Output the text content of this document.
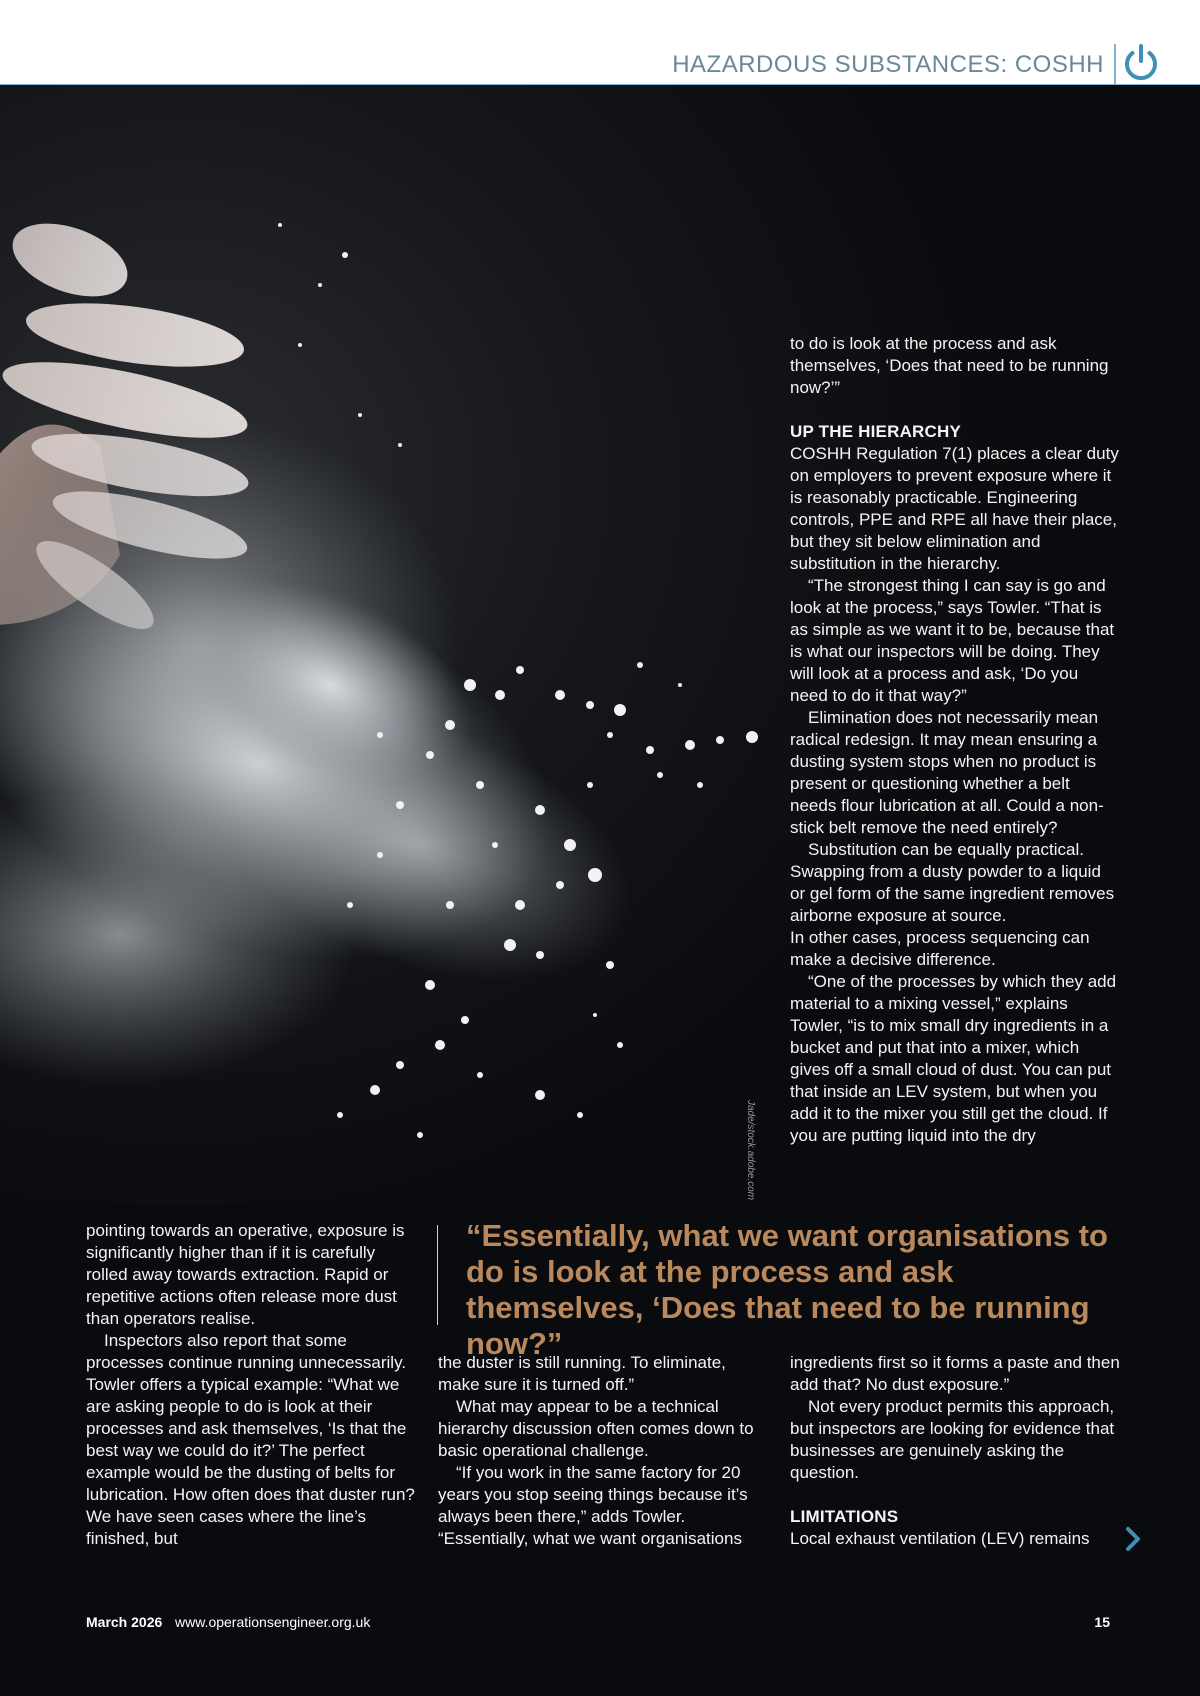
HAZARDOUS SUBSTANCES: COSHH
Jade/stock.adobe.com

to do is look at the process and ask themselves, ‘Does that need to be running now?’”

UP THE HIERARCHY

COSHH Regulation 7(1) places a clear duty on employers to prevent exposure where it is reasonably practicable. Engineering controls, PPE and RPE all have their place, but they sit below elimination and substitution in the hierarchy.

“The strongest thing I can say is go and look at the process,” says Towler. “That is as simple as we want it to be, because that is what our inspectors will be doing. They will look at a process and ask, ‘Do you need to do it that way?”

Elimination does not necessarily mean radical redesign. It may mean ensuring a dusting system stops when no product is present or questioning whether a belt needs flour lubrication at all. Could a non-stick belt remove the need entirely?

Substitution can be equally practical. Swapping from a dusty powder to a liquid or gel form of the same ingredient removes airborne exposure at source.

In other cases, process sequencing can make a decisive difference.

“One of the processes by which they add material to a mixing vessel,” explains Towler, “is to mix small dry ingredients in a bucket and put that into a mixer, which gives off a small cloud of dust. You can put that inside an LEV system, but when you add it to the mixer you still get the cloud. If you are putting liquid into the dry

pointing towards an operative, exposure is significantly higher than if it is carefully rolled away towards extraction. Rapid or repetitive actions often release more dust than operators realise.

Inspectors also report that some processes continue running unnecessarily. Towler offers a typical example: “What we are asking people to do is look at their processes and ask themselves, ‘Is that the best way we could do it?’ The perfect example would be the dusting of belts for lubrication. How often does that duster run? We have seen cases where the line’s finished, but

“Essentially, what we want organisations to do is look at the process and ask themselves, ‘Does that need to be running now?”

the duster is still running. To eliminate, make sure it is turned off.”

What may appear to be a technical hierarchy discussion often comes down to basic operational challenge.

“If you work in the same factory for 20 years you stop seeing things because it’s always been there,” adds Towler. “Essentially, what we want organisations

ingredients first so it forms a paste and then add that? No dust exposure.”

Not every product permits this approach, but inspectors are looking for evidence that businesses are genuinely asking the question.

LIMITATIONS

Local exhaust ventilation (LEV) remains

March 2026 www.operationsengineer.org.uk	15
